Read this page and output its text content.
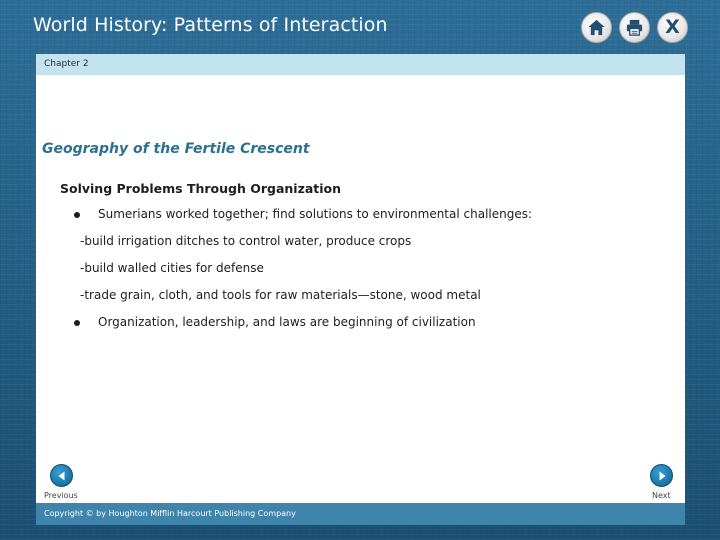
World History: Patterns of Interaction	X
Chapter 2
Geography of the Fertile Crescent
Solving Problems Through Organization
Sumerians worked together; find solutions to environmental challenges:
-build irrigation ditches to control water, produce crops
-build walled cities for defense
-trade grain, cloth, and tools for raw materials—stone, wood metal
Organization, leadership, and laws are beginning of civilization
Previous	Next
Copyright © by Houghton Mifflin Harcourt Publishing Company
